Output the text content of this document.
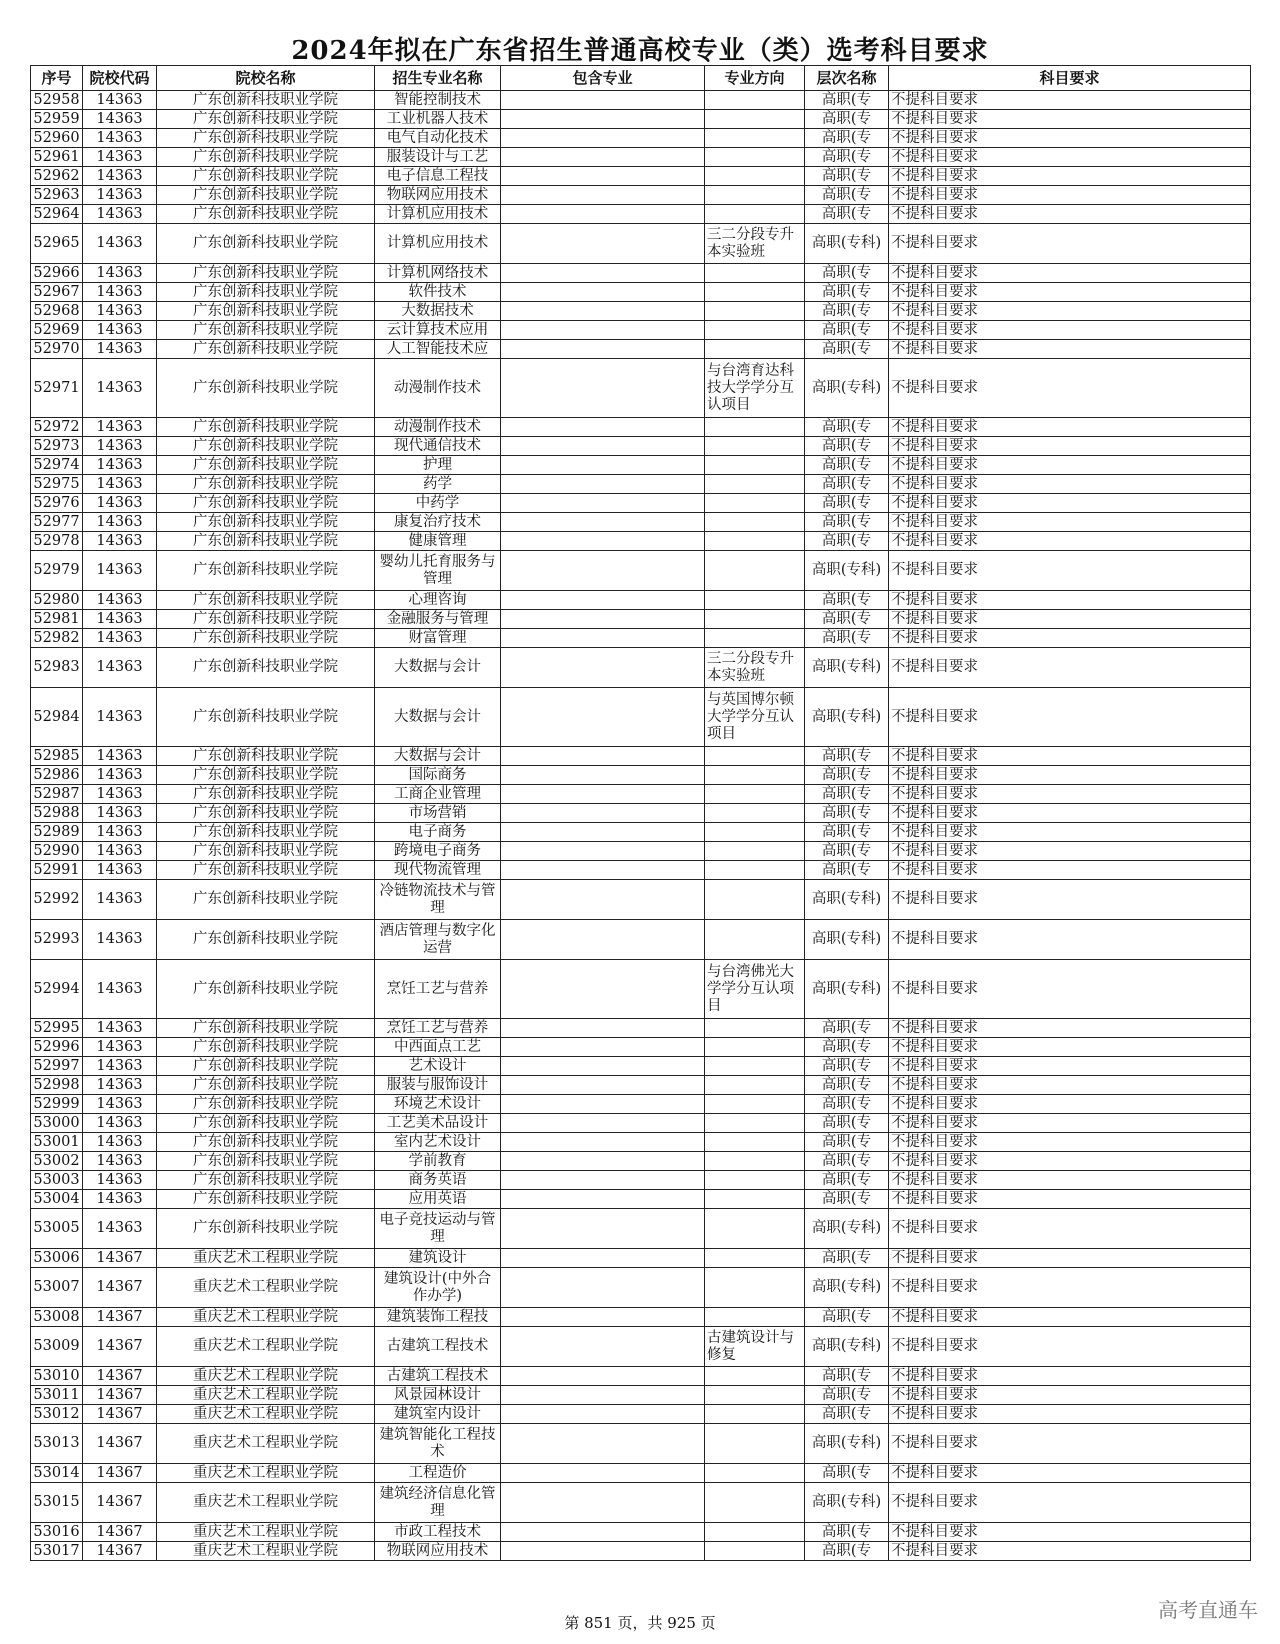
2024年拟在广东省招生普通高校专业（类）选考科目要求
序号	院校代码	院校名称	招生专业名称	包含专业	专业方向	层次名称	科目要求
52958	14363	广东创新科技职业学院	智能控制技术			高职(专	不提科目要求
52959	14363	广东创新科技职业学院	工业机器人技术			高职(专	不提科目要求
52960	14363	广东创新科技职业学院	电气自动化技术			高职(专	不提科目要求
52961	14363	广东创新科技职业学院	服装设计与工艺			高职(专	不提科目要求
52962	14363	广东创新科技职业学院	电子信息工程技			高职(专	不提科目要求
52963	14363	广东创新科技职业学院	物联网应用技术			高职(专	不提科目要求
52964	14363	广东创新科技职业学院	计算机应用技术			高职(专	不提科目要求
52965	14363	广东创新科技职业学院	计算机应用技术		三二分段专升本实验班	高职(专科)	不提科目要求
52966	14363	广东创新科技职业学院	计算机网络技术			高职(专	不提科目要求
52967	14363	广东创新科技职业学院	软件技术			高职(专	不提科目要求
52968	14363	广东创新科技职业学院	大数据技术			高职(专	不提科目要求
52969	14363	广东创新科技职业学院	云计算技术应用			高职(专	不提科目要求
52970	14363	广东创新科技职业学院	人工智能技术应			高职(专	不提科目要求
52971	14363	广东创新科技职业学院	动漫制作技术		与台湾育达科技大学学分互认项目	高职(专科)	不提科目要求
52972	14363	广东创新科技职业学院	动漫制作技术			高职(专	不提科目要求
52973	14363	广东创新科技职业学院	现代通信技术			高职(专	不提科目要求
52974	14363	广东创新科技职业学院	护理			高职(专	不提科目要求
52975	14363	广东创新科技职业学院	药学			高职(专	不提科目要求
52976	14363	广东创新科技职业学院	中药学			高职(专	不提科目要求
52977	14363	广东创新科技职业学院	康复治疗技术			高职(专	不提科目要求
52978	14363	广东创新科技职业学院	健康管理			高职(专	不提科目要求
52979	14363	广东创新科技职业学院	婴幼儿托育服务与管理			高职(专科)	不提科目要求
52980	14363	广东创新科技职业学院	心理咨询			高职(专	不提科目要求
52981	14363	广东创新科技职业学院	金融服务与管理			高职(专	不提科目要求
52982	14363	广东创新科技职业学院	财富管理			高职(专	不提科目要求
52983	14363	广东创新科技职业学院	大数据与会计		三二分段专升本实验班	高职(专科)	不提科目要求
52984	14363	广东创新科技职业学院	大数据与会计		与英国博尔顿大学学分互认项目	高职(专科)	不提科目要求
52985	14363	广东创新科技职业学院	大数据与会计			高职(专	不提科目要求
52986	14363	广东创新科技职业学院	国际商务			高职(专	不提科目要求
52987	14363	广东创新科技职业学院	工商企业管理			高职(专	不提科目要求
52988	14363	广东创新科技职业学院	市场营销			高职(专	不提科目要求
52989	14363	广东创新科技职业学院	电子商务			高职(专	不提科目要求
52990	14363	广东创新科技职业学院	跨境电子商务			高职(专	不提科目要求
52991	14363	广东创新科技职业学院	现代物流管理			高职(专	不提科目要求
52992	14363	广东创新科技职业学院	冷链物流技术与管理			高职(专科)	不提科目要求
52993	14363	广东创新科技职业学院	酒店管理与数字化运营			高职(专科)	不提科目要求
52994	14363	广东创新科技职业学院	烹饪工艺与营养		与台湾佛光大学学分互认项目	高职(专科)	不提科目要求
52995	14363	广东创新科技职业学院	烹饪工艺与营养			高职(专	不提科目要求
52996	14363	广东创新科技职业学院	中西面点工艺			高职(专	不提科目要求
52997	14363	广东创新科技职业学院	艺术设计			高职(专	不提科目要求
52998	14363	广东创新科技职业学院	服装与服饰设计			高职(专	不提科目要求
52999	14363	广东创新科技职业学院	环境艺术设计			高职(专	不提科目要求
53000	14363	广东创新科技职业学院	工艺美术品设计			高职(专	不提科目要求
53001	14363	广东创新科技职业学院	室内艺术设计			高职(专	不提科目要求
53002	14363	广东创新科技职业学院	学前教育			高职(专	不提科目要求
53003	14363	广东创新科技职业学院	商务英语			高职(专	不提科目要求
53004	14363	广东创新科技职业学院	应用英语			高职(专	不提科目要求
53005	14363	广东创新科技职业学院	电子竞技运动与管理			高职(专科)	不提科目要求
53006	14367	重庆艺术工程职业学院	建筑设计			高职(专	不提科目要求
53007	14367	重庆艺术工程职业学院	建筑设计(中外合作办学)			高职(专科)	不提科目要求
53008	14367	重庆艺术工程职业学院	建筑装饰工程技			高职(专	不提科目要求
53009	14367	重庆艺术工程职业学院	古建筑工程技术		古建筑设计与修复	高职(专科)	不提科目要求
53010	14367	重庆艺术工程职业学院	古建筑工程技术			高职(专	不提科目要求
53011	14367	重庆艺术工程职业学院	风景园林设计			高职(专	不提科目要求
53012	14367	重庆艺术工程职业学院	建筑室内设计			高职(专	不提科目要求
53013	14367	重庆艺术工程职业学院	建筑智能化工程技术			高职(专科)	不提科目要求
53014	14367	重庆艺术工程职业学院	工程造价			高职(专	不提科目要求
53015	14367	重庆艺术工程职业学院	建筑经济信息化管理			高职(专科)	不提科目要求
53016	14367	重庆艺术工程职业学院	市政工程技术			高职(专	不提科目要求
53017	14367	重庆艺术工程职业学院	物联网应用技术			高职(专	不提科目要求
第 851 页，共 925 页
高考直通车
